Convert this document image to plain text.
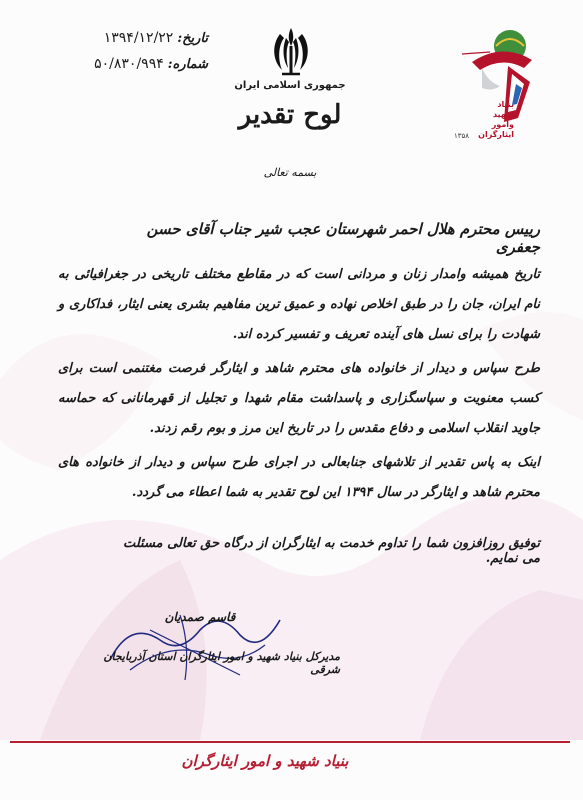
تاریخ:
۱۳۹۴/۱۲/۲۲
شماره:
۵۰/۸۳۰/۹۹۴
جمهوری اسلامی ایران
لوح تقدیر
بسمه تعالی
بنیاد
شهید
وامور ایثارگران
۱۳۵۸
رییس محترم هلال احمر شهرستان عجب شیر جناب آقای حسن جعفری

تاریخ همیشه وامدار زنان و مردانی است که در مقاطع مختلف تاریخی در جغرافیائی به نام ایران، جان را در طبق اخلاص نهاده و عمیق ترین مفاهیم بشری یعنی ایثار، فداکاری و شهادت را برای نسل های آینده تعریف و تفسیر کرده اند.

طرح سپاس و دیدار از خانواده های محترم شاهد و ایثارگر فرصت مغتنمی است برای کسب معنویت و سپاسگزاری و پاسداشت مقام شهدا و تجلیل از قهرمانانی که حماسه جاوید انقلاب اسلامی و دفاع مقدس را در تاریخ این مرز و بوم رقم زدند.

اینک به پاس تقدیر از تلاشهای جنابعالی در اجرای طرح سپاس و دیدار از خانواده های محترم شاهد و ایثارگر در سال ۱۳۹۴ این لوح تقدیر به شما اعطاء می گردد.

توفیق روزافزون شما را تداوم خدمت به ایثارگران از درگاه حق تعالی مسئلت می نمایم.
قاسم صمدیان
مدیرکل بنیاد شهید و امور ایثارگران استان آذربایجان شرقی
بنیاد شهید و امور ایثارگران
